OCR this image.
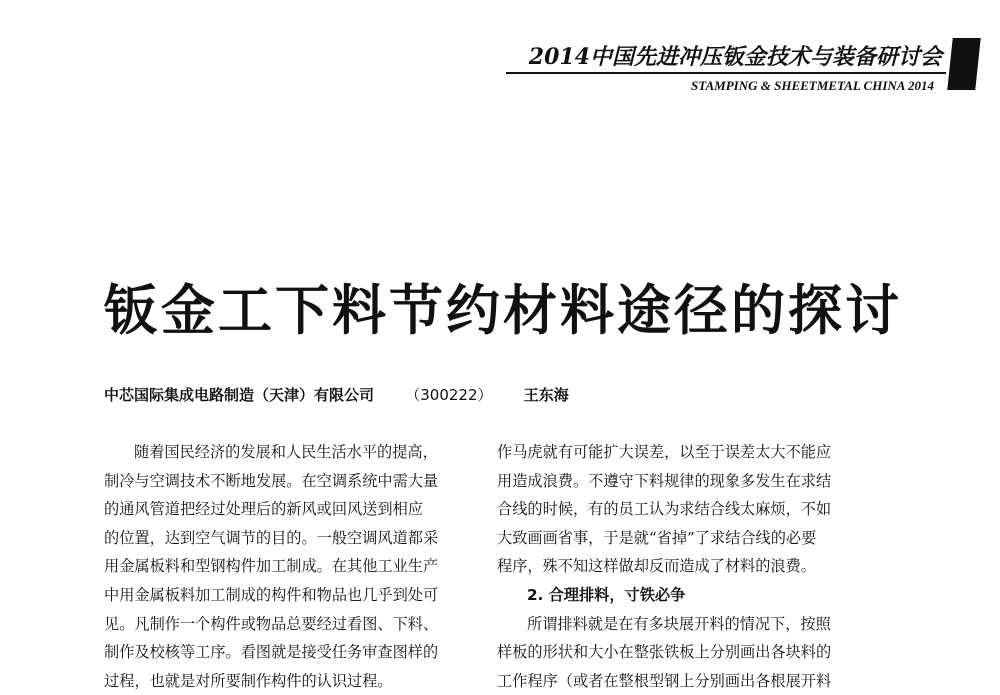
2014中国先进冲压钣金技术与装备研讨会
STAMPING & SHEETMETAL CHINA 2014
钣金工下料节约材料途径的探讨
中芯国际集成电路制造（天津）有限公司 （300222） 王东海
随着国民经济的发展和人民生活水平的提高，
制冷与空调技术不断地发展。在空调系统中需大量
的通风管道把经过处理后的新风或回风送到相应
的位置，达到空气调节的目的。一般空调风道都采
用金属板料和型钢构件加工制成。在其他工业生产
中用金属板料加工制成的构件和物品也几乎到处可
见。凡制作一个构件或物品总要经过看图、下料、
制作及校核等工序。看图就是接受任务审查图样的
过程，也就是对所要制作构件的认识过程。
作马虎就有可能扩大误差，以至于误差太大不能应
用造成浪费。不遵守下料规律的现象多发生在求结
合线的时候，有的员工认为求结合线太麻烦，不如
大致画画省事，于是就“省掉”了求结合线的必要
程序，殊不知这样做却反而造成了材料的浪费。
2. 合理排料，寸铁必争
所谓排料就是在有多块展开料的情况下，按照
样板的形状和大小在整张铁板上分别画出各块料的
工作程序（或者在整根型钢上分别画出各根展开料
